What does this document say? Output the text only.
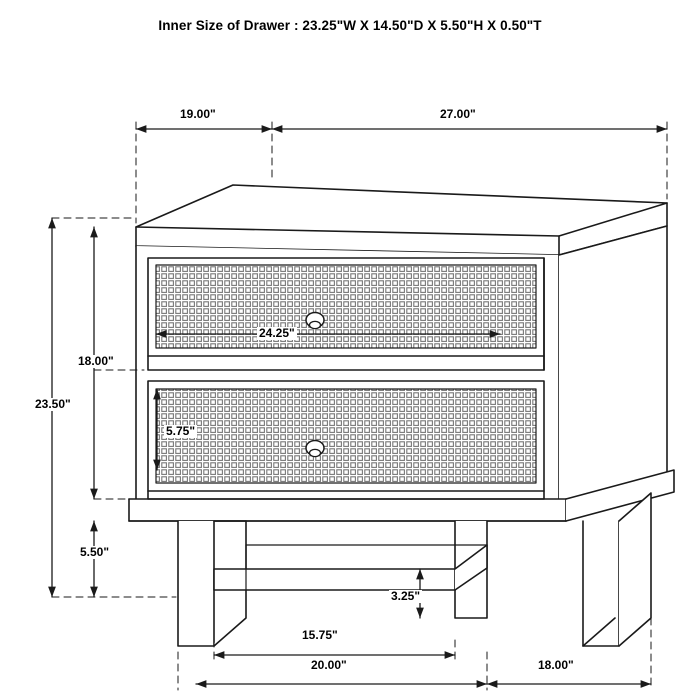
Inner Size of Drawer : 23.25"W X 14.50"D X 5.50"H X 0.50"T
19.00"	27.00"
18.00"
23.50"
5.50"
24.25"
5.75"
3.25"
15.75"
20.00"	18.00"
